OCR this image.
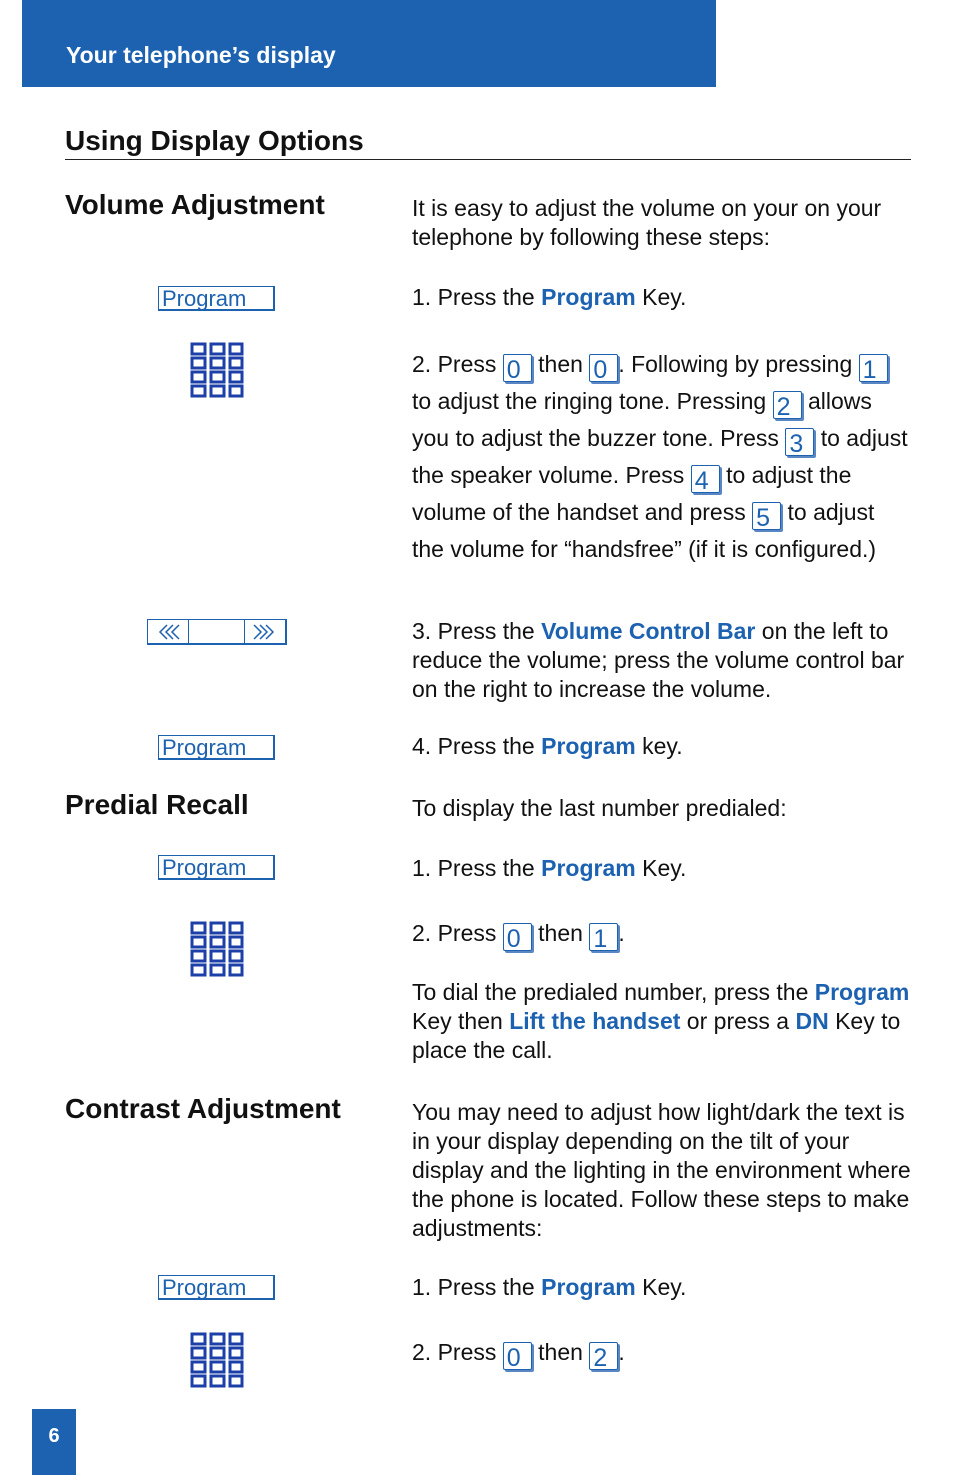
Your telephone’s display
Using Display Options
Volume Adjustment	It is easy to adjust the volume on your on your telephone by following these steps:
Program	1. Press the Program Key.
2. Press 0 then 0 . Following by pressing 1 to adjust the ringing tone. Pressing 2 allows you to adjust the buzzer tone. Press 3 to adjust the speaker volume. Press 4 to adjust the volume of the handset and press 5 to adjust the volume for “handsfree” (if it is configured.)
3. Press the Volume Control Bar on the left to reduce the volume; press the volume control bar on the right to increase the volume.
Program	4. Press the Program key.
Predial Recall	To display the last number predialed:
Program	1. Press the Program Key.
2. Press 0 then 1 .
To dial the predialed number, press the Program Key then Lift the handset or press a DN Key to place the call.
Contrast Adjustment	You may need to adjust how light/dark the text is in your display depending on the tilt of your display and the lighting in the environment where the phone is located. Follow these steps to make adjustments:
Program	1. Press the Program Key.
2. Press 0 then 2 .
6
